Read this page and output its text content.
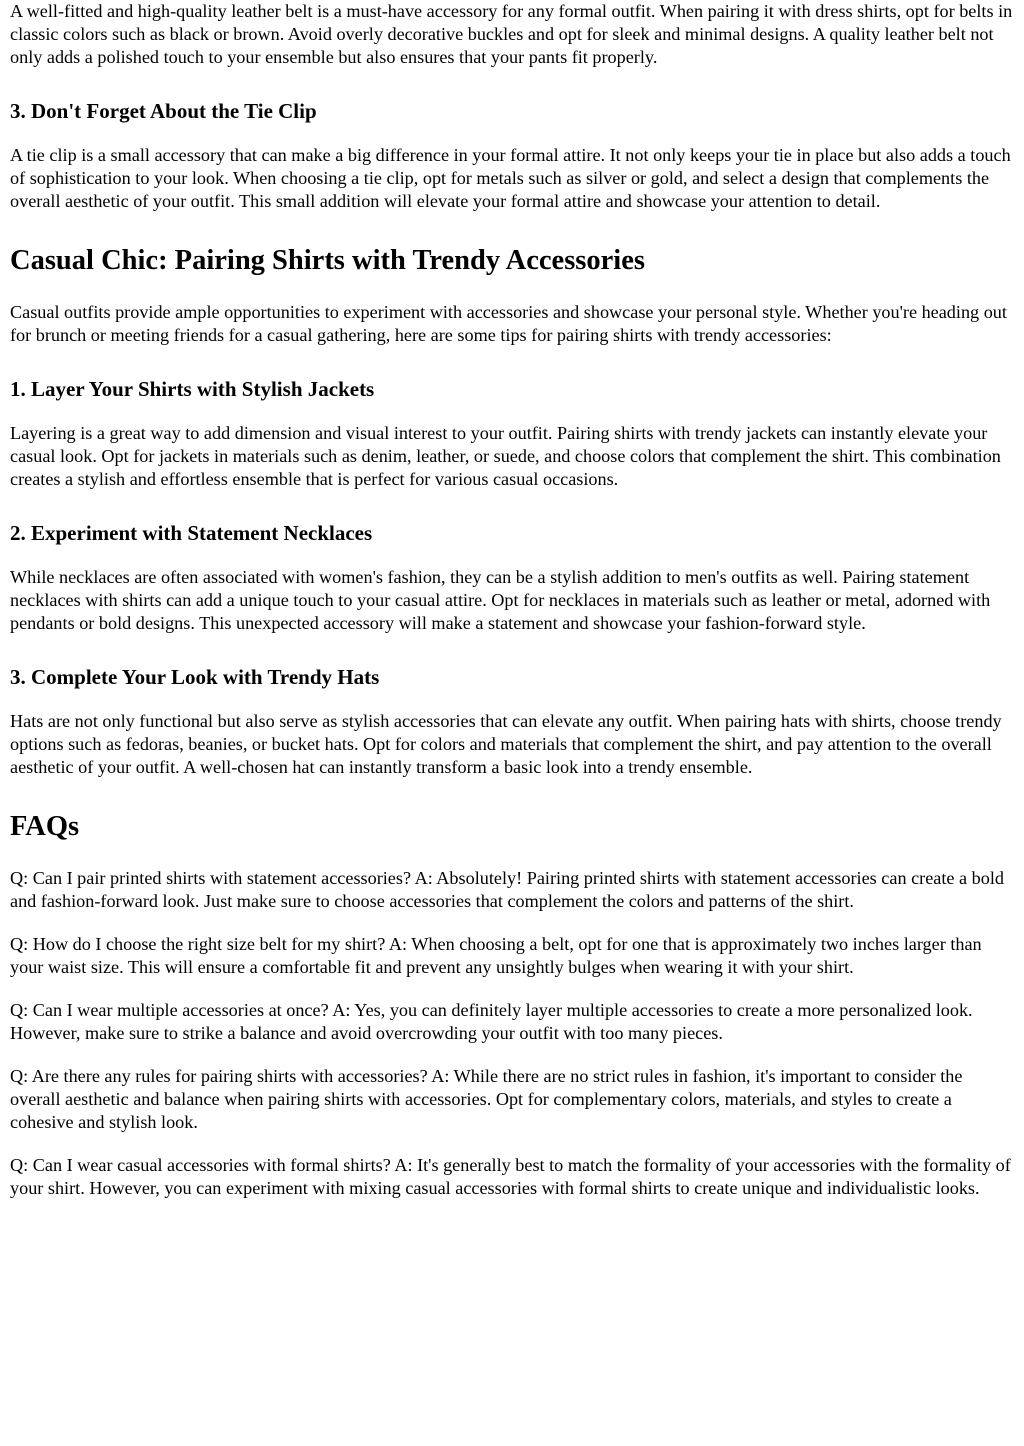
A well-fitted and high-quality leather belt is a must-have accessory for any formal outfit. When pairing it with dress shirts, opt for belts in classic colors such as black or brown. Avoid overly decorative buckles and opt for sleek and minimal designs. A quality leather belt not only adds a polished touch to your ensemble but also ensures that your pants fit properly.

3. Don't Forget About the Tie Clip

A tie clip is a small accessory that can make a big difference in your formal attire. It not only keeps your tie in place but also adds a touch of sophistication to your look. When choosing a tie clip, opt for metals such as silver or gold, and select a design that complements the overall aesthetic of your outfit. This small addition will elevate your formal attire and showcase your attention to detail.

Casual Chic: Pairing Shirts with Trendy Accessories

Casual outfits provide ample opportunities to experiment with accessories and showcase your personal style. Whether you're heading out for brunch or meeting friends for a casual gathering, here are some tips for pairing shirts with trendy accessories:

1. Layer Your Shirts with Stylish Jackets

Layering is a great way to add dimension and visual interest to your outfit. Pairing shirts with trendy jackets can instantly elevate your casual look. Opt for jackets in materials such as denim, leather, or suede, and choose colors that complement the shirt. This combination creates a stylish and effortless ensemble that is perfect for various casual occasions.

2. Experiment with Statement Necklaces

While necklaces are often associated with women's fashion, they can be a stylish addition to men's outfits as well. Pairing statement necklaces with shirts can add a unique touch to your casual attire. Opt for necklaces in materials such as leather or metal, adorned with pendants or bold designs. This unexpected accessory will make a statement and showcase your fashion-forward style.

3. Complete Your Look with Trendy Hats

Hats are not only functional but also serve as stylish accessories that can elevate any outfit. When pairing hats with shirts, choose trendy options such as fedoras, beanies, or bucket hats. Opt for colors and materials that complement the shirt, and pay attention to the overall aesthetic of your outfit. A well-chosen hat can instantly transform a basic look into a trendy ensemble.

FAQs

Q: Can I pair printed shirts with statement accessories? A: Absolutely! Pairing printed shirts with statement accessories can create a bold and fashion-forward look. Just make sure to choose accessories that complement the colors and patterns of the shirt.

Q: How do I choose the right size belt for my shirt? A: When choosing a belt, opt for one that is approximately two inches larger than your waist size. This will ensure a comfortable fit and prevent any unsightly bulges when wearing it with your shirt.

Q: Can I wear multiple accessories at once? A: Yes, you can definitely layer multiple accessories to create a more personalized look. However, make sure to strike a balance and avoid overcrowding your outfit with too many pieces.

Q: Are there any rules for pairing shirts with accessories? A: While there are no strict rules in fashion, it's important to consider the overall aesthetic and balance when pairing shirts with accessories. Opt for complementary colors, materials, and styles to create a cohesive and stylish look.

Q: Can I wear casual accessories with formal shirts? A: It's generally best to match the formality of your accessories with the formality of your shirt. However, you can experiment with mixing casual accessories with formal shirts to create unique and individualistic looks.
